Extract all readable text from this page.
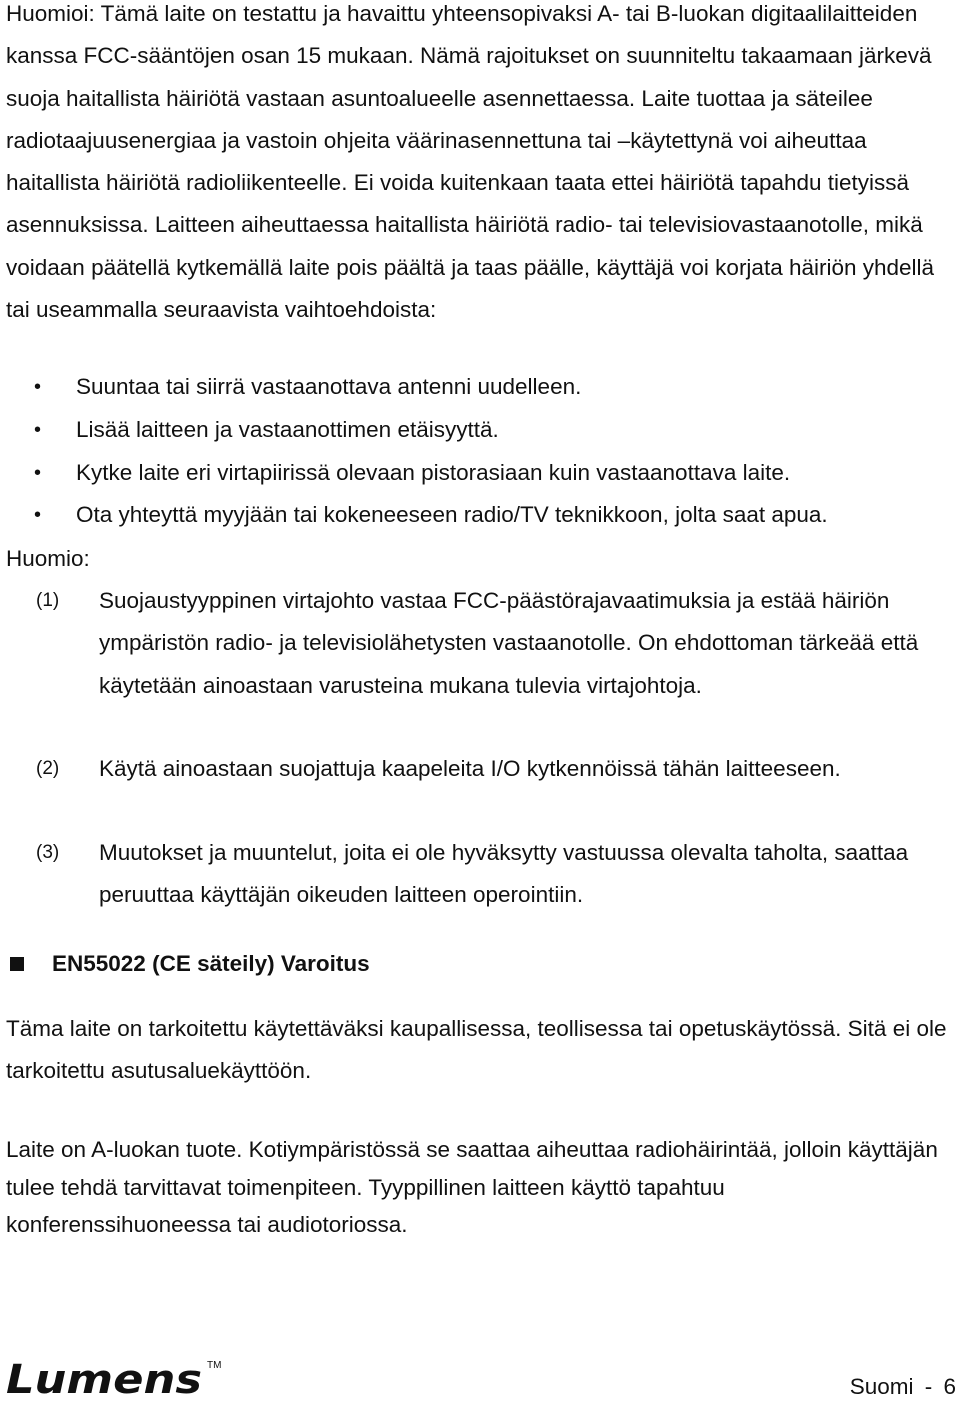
Huomioi: Tämä laite on testattu ja havaittu yhteensopivaksi A- tai B-luokan digitaalilaitteiden kanssa FCC-sääntöjen osan 15 mukaan. Nämä rajoitukset on suunniteltu takaamaan järkevä suoja haitallista häiriötä vastaan asuntoalueelle asennettaessa. Laite tuottaa ja säteilee radiotaajuusenergiaa ja vastoin ohjeita väärinasennettuna tai –käytettynä voi aiheuttaa haitallista häiriötä radioliikenteelle. Ei voida kuitenkaan taata ettei häiriötä tapahdu tietyissä asennuksissa. Laitteen aiheuttaessa haitallista häiriötä radio- tai televisiovastaanotolle, mikä voidaan päätellä kytkemällä laite pois päältä ja taas päälle, käyttäjä voi korjata häiriön yhdellä tai useammalla seuraavista vaihtoehdoista:

• Suuntaa tai siirrä vastaanottava antenni uudelleen.
• Lisää laitteen ja vastaanottimen etäisyyttä.
• Kytke laite eri virtapiirissä olevaan pistorasiaan kuin vastaanottava laite.
• Ota yhteyttä myyjään tai kokeneeseen radio/TV teknikkoon, jolta saat apua.

Huomio:

(1) Suojaustyyppinen virtajohto vastaa FCC-päästörajavaatimuksia ja estää häiriön ympäristön radio- ja televisiolähetysten vastaanotolle. On ehdottoman tärkeää että käytetään ainoastaan varusteina mukana tulevia virtajohtoja.
(2) Käytä ainoastaan suojattuja kaapeleita I/O kytkennöissä tähän laitteeseen.
(3) Muutokset ja muuntelut, joita ei ole hyväksytty vastuussa olevalta taholta, saattaa peruuttaa käyttäjän oikeuden laitteen operointiin.
EN55022 (CE säteily) Varoitus

Täma laite on tarkoitettu käytettäväksi kaupallisessa, teollisessa tai opetuskäytössä. Sitä ei ole tarkoitettu asutusaluekäyttöön.

Laite on A-luokan tuote. Kotiympäristössä se saattaa aiheuttaa radiohäirintää, jolloin käyttäjän tulee tehdä tarvittavat toimenpiteen. Tyyppillinen laitteen käyttö tapahtuu konferenssihuoneessa tai audiotoriossa.

Lumens TM
Suomi - 6
